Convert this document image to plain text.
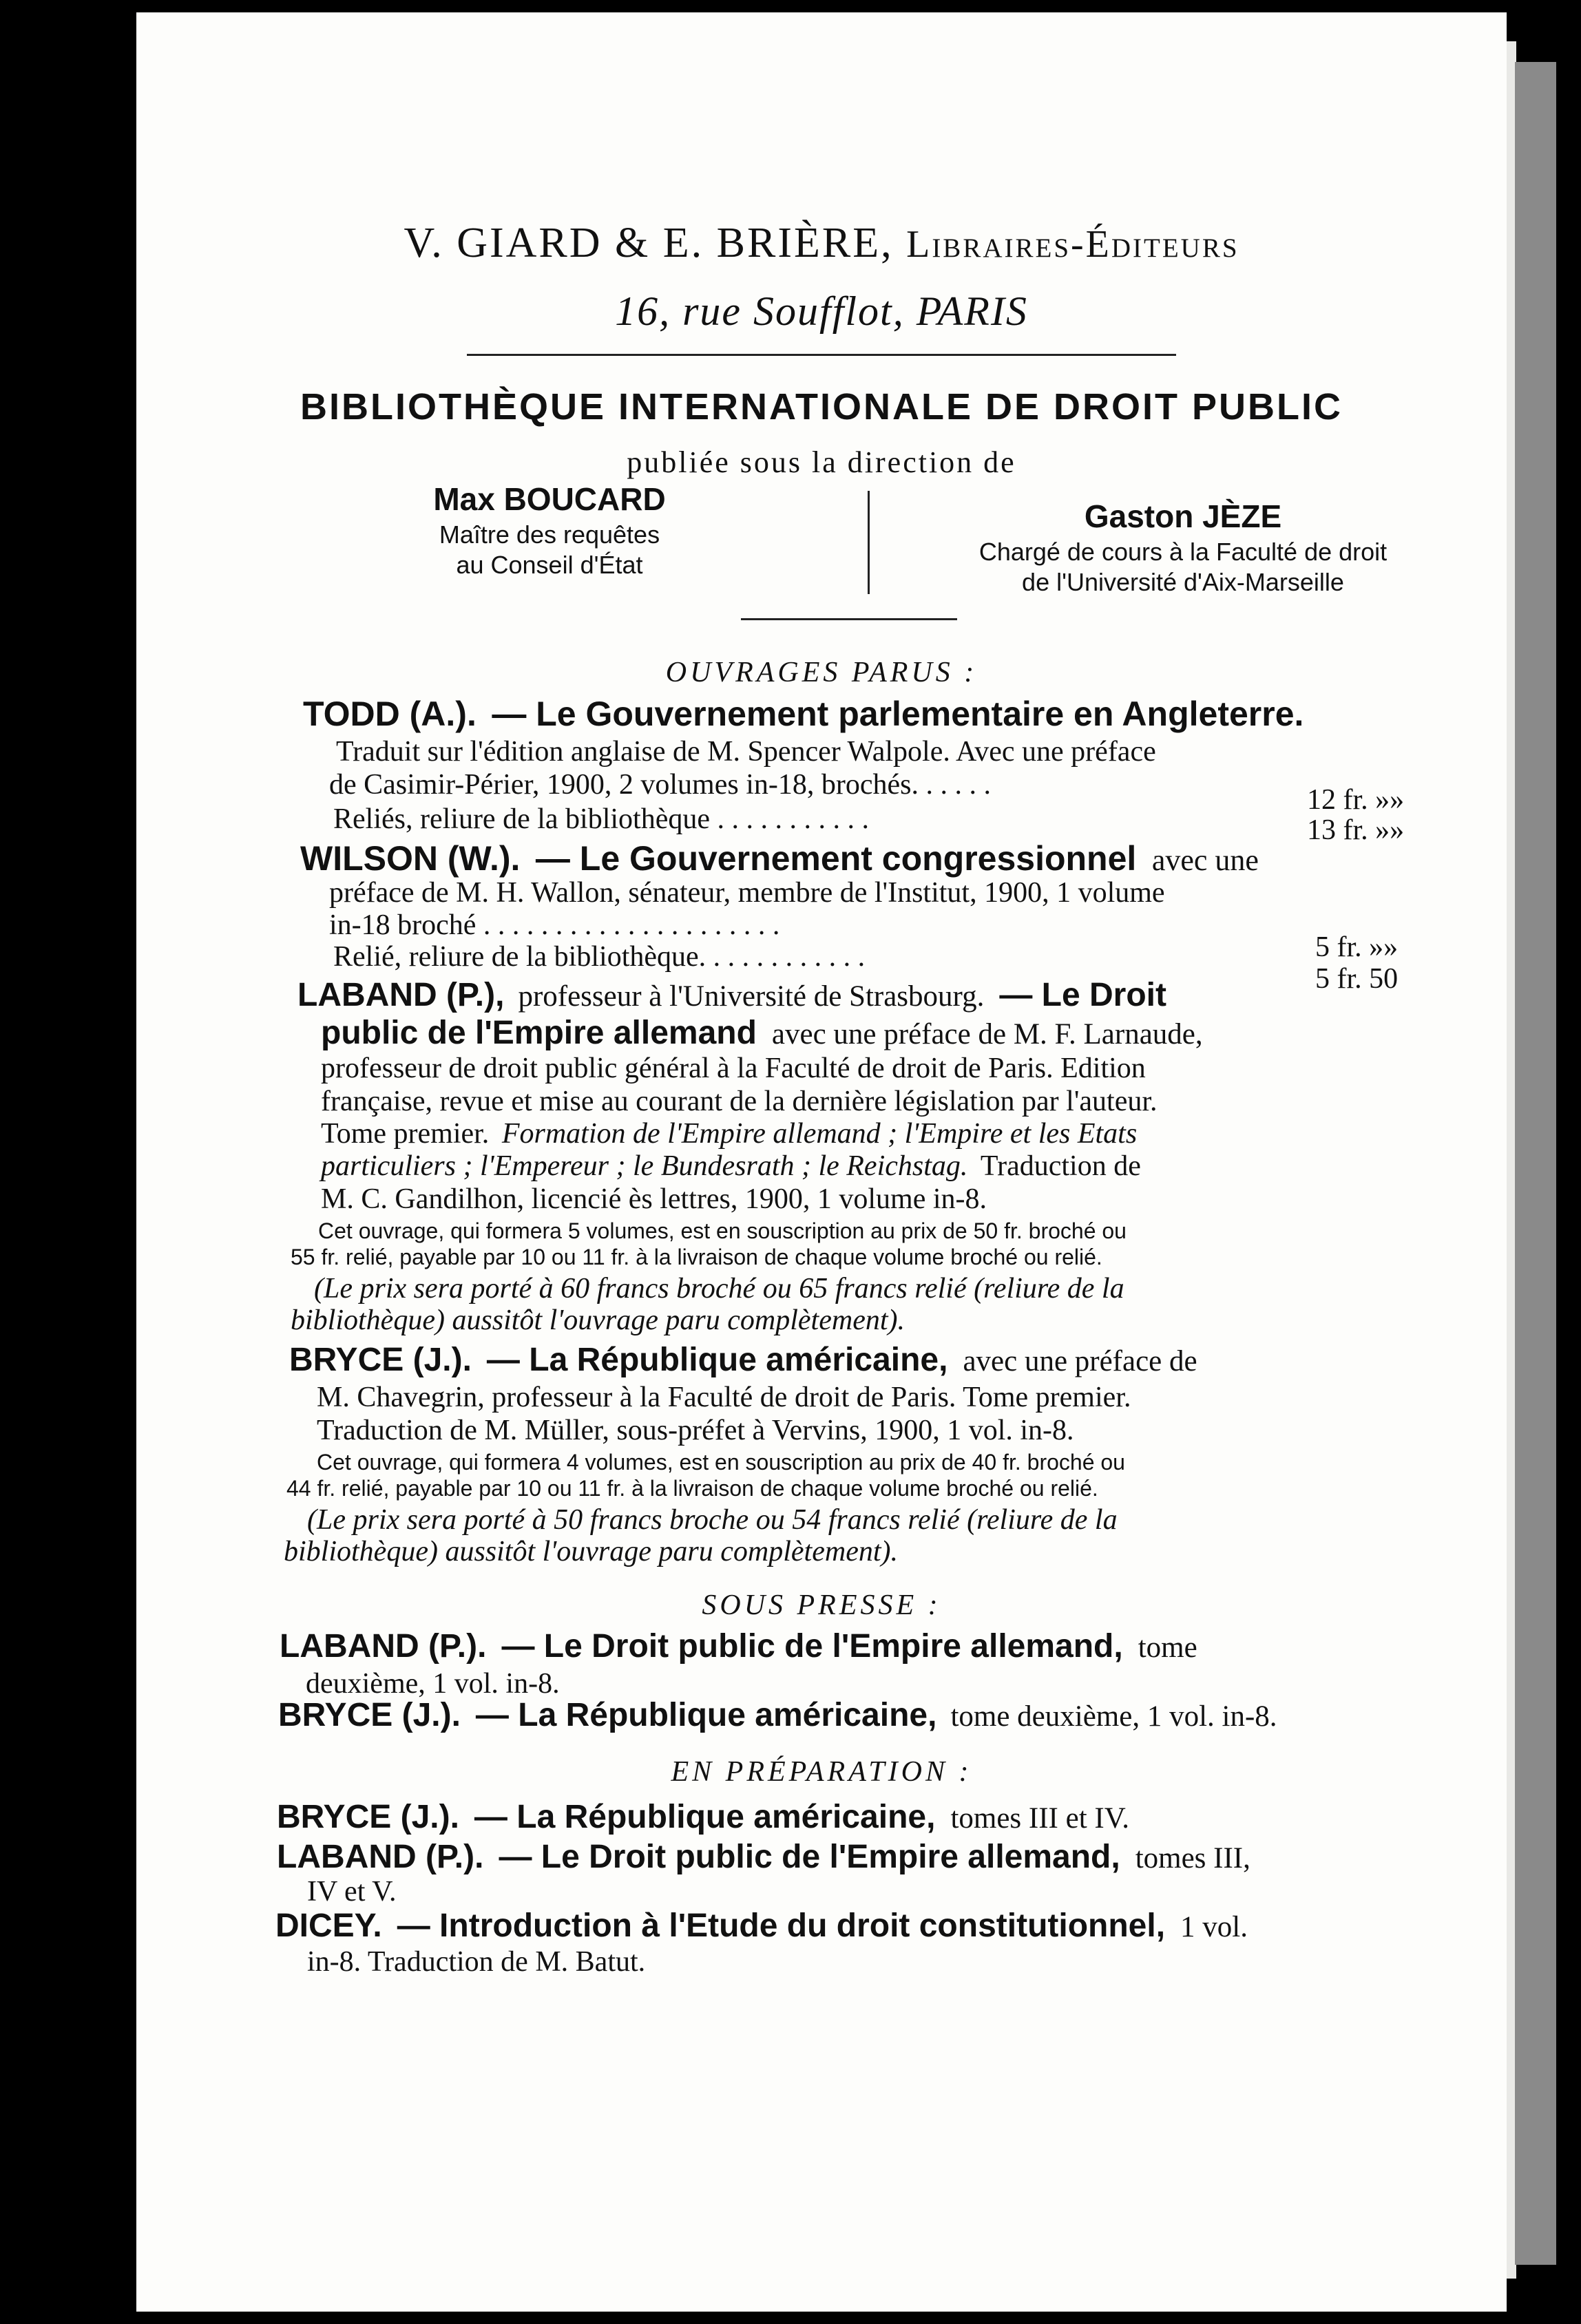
V. GIARD & E. BRIÈRE, Libraires-Éditeurs
16, rue Soufflot, PARIS
BIBLIOTHÈQUE INTERNATIONALE DE DROIT PUBLIC
publiée sous la direction de
Max BOUCARD
Maître des requêtes
au Conseil d'État
Gaston JÈZE
Chargé de cours à la Faculté de droit
de l'Université d'Aix-Marseille
OUVRAGES PARUS :
TODD (A.). — Le Gouvernement parlementaire en Angleterre.
Traduit sur l'édition anglaise de M. Spencer Walpole. Avec une préface
de Casimir-Périer, 1900, 2 volumes in-18, brochés. . . . . .	12 fr. »»
Reliés, reliure de la bibliothèque . . . . . . . . . . .	13 fr. »»
WILSON (W.). — Le Gouvernement congressionnel avec une
préface de M. H. Wallon, sénateur, membre de l'Institut, 1900, 1 volume
in-18 broché . . . . . . . . . . . . . . . . . . . . .
5 fr. »»
Relié, reliure de la bibliothèque. . . . . . . . . . . .
5 fr. 50
LABAND (P.), professeur à l'Université de Strasbourg. — Le Droit
public de l'Empire allemand avec une préface de M. F. Larnaude,
professeur de droit public général à la Faculté de droit de Paris. Edition
française, revue et mise au courant de la dernière législation par l'auteur.
Tome premier. Formation de l'Empire allemand ; l'Empire et les Etats
particuliers ; l'Empereur ; le Bundesrath ; le Reichstag. Traduction de
M. C. Gandilhon, licencié ès lettres, 1900, 1 volume in-8.
Cet ouvrage, qui formera 5 volumes, est en souscription au prix de 50 fr. broché ou
55 fr. relié, payable par 10 ou 11 fr. à la livraison de chaque volume broché ou relié.
(Le prix sera porté à 60 francs broché ou 65 francs relié (reliure de la
bibliothèque) aussitôt l'ouvrage paru complètement).
BRYCE (J.). — La République américaine, avec une préface de
M. Chavegrin, professeur à la Faculté de droit de Paris. Tome premier.
Traduction de M. Müller, sous-préfet à Vervins, 1900, 1 vol. in-8.
Cet ouvrage, qui formera 4 volumes, est en souscription au prix de 40 fr. broché ou
44 fr. relié, payable par 10 ou 11 fr. à la livraison de chaque volume broché ou relié.
(Le prix sera porté à 50 francs broche ou 54 francs relié (reliure de la
bibliothèque) aussitôt l'ouvrage paru complètement).
SOUS PRESSE :
LABAND (P.). — Le Droit public de l'Empire allemand, tome
deuxième, 1 vol. in-8.
BRYCE (J.). — La République américaine, tome deuxième, 1 vol. in-8.
EN PRÉPARATION :
BRYCE (J.). — La République américaine, tomes III et IV.
LABAND (P.). — Le Droit public de l'Empire allemand, tomes III,
IV et V.
DICEY. — Introduction à l'Etude du droit constitutionnel, 1 vol.
in-8. Traduction de M. Batut.
